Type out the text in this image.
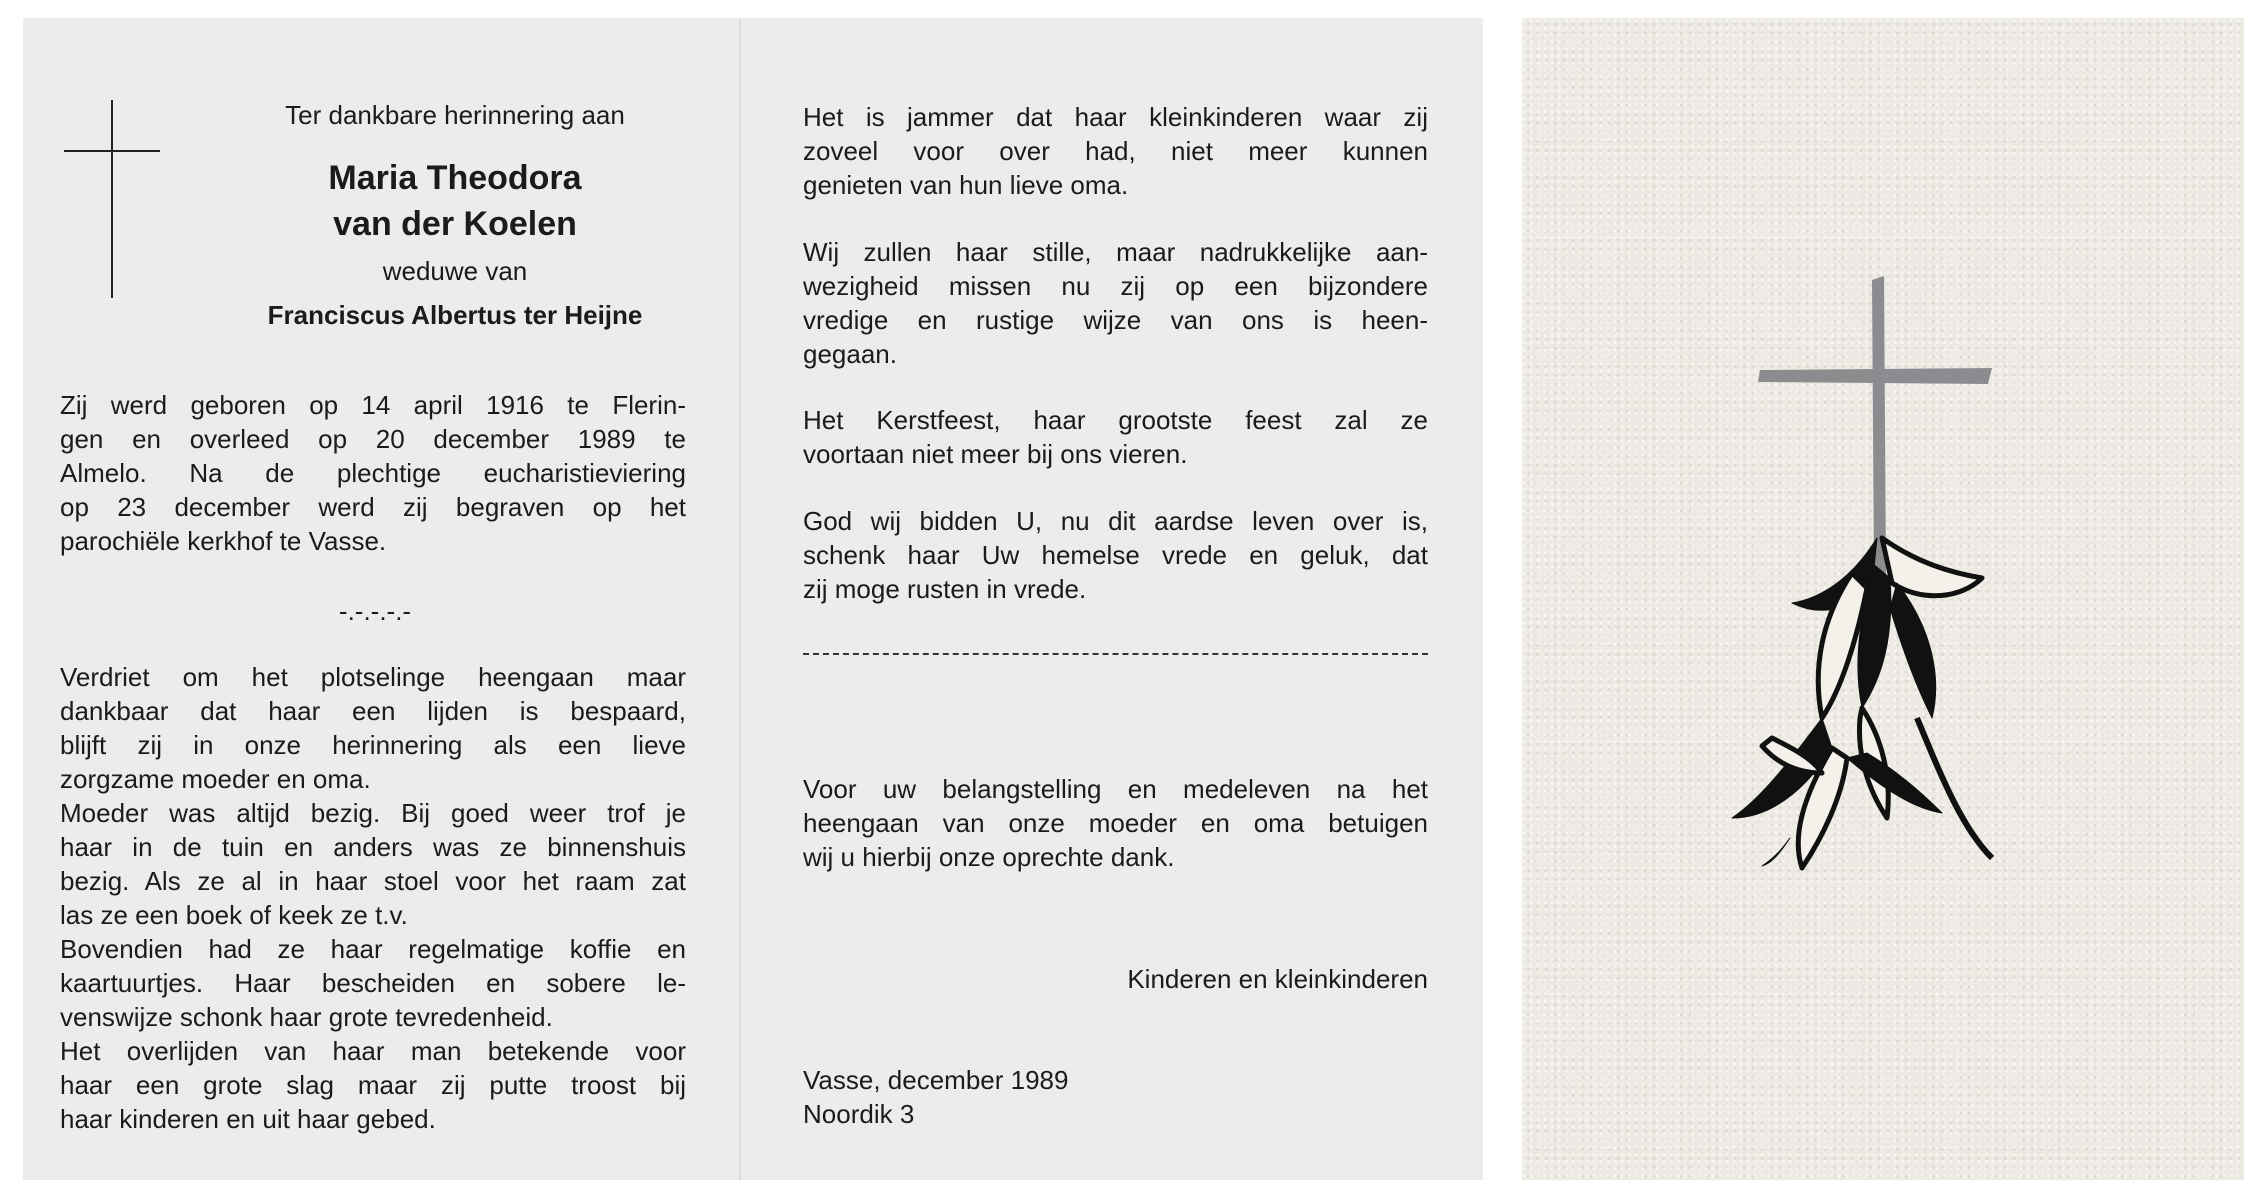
Ter dankbare herinnering aan

Maria Theodora

van der Koelen

weduwe van

Franciscus Albertus ter Heijne

Zij werd geboren op 14 april 1916 te Flerin-
gen en overleed op 20 december 1989 te
Almelo. Na de plechtige eucharistieviering
op 23 december werd zij begraven op het
parochiële kerkhof te Vasse.

-.-.-.-.-

Verdriet om het plotselinge heengaan maar
dankbaar dat haar een lijden is bespaard,
blijft zij in onze herinnering als een lieve
zorgzame moeder en oma.
Moeder was altijd bezig. Bij goed weer trof je
haar in de tuin en anders was ze binnenshuis
bezig. Als ze al in haar stoel voor het raam zat
las ze een boek of keek ze t.v.
Bovendien had ze haar regelmatige koffie en
kaartuurtjes. Haar bescheiden en sobere le-
venswijze schonk haar grote tevredenheid.
Het overlijden van haar man betekende voor
haar een grote slag maar zij putte troost bij
haar kinderen en uit haar gebed.
Het is jammer dat haar kleinkinderen waar zij
zoveel voor over had, niet meer kunnen
genieten van hun lieve oma.
Wij zullen haar stille, maar nadrukkelijke aan-
wezigheid missen nu zij op een bijzondere
vredige en rustige wijze van ons is heen-
gegaan.
Het Kerstfeest, haar grootste feest zal ze
voortaan niet meer bij ons vieren.
God wij bidden U, nu dit aardse leven over is,
schenk haar Uw hemelse vrede en geluk, dat
zij moge rusten in vrede.
Voor uw belangstelling en medeleven na het
heengaan van onze moeder en oma betuigen
wij u hierbij onze oprechte dank.

Kinderen en kleinkinderen

Vasse, december 1989

Noordik 3
